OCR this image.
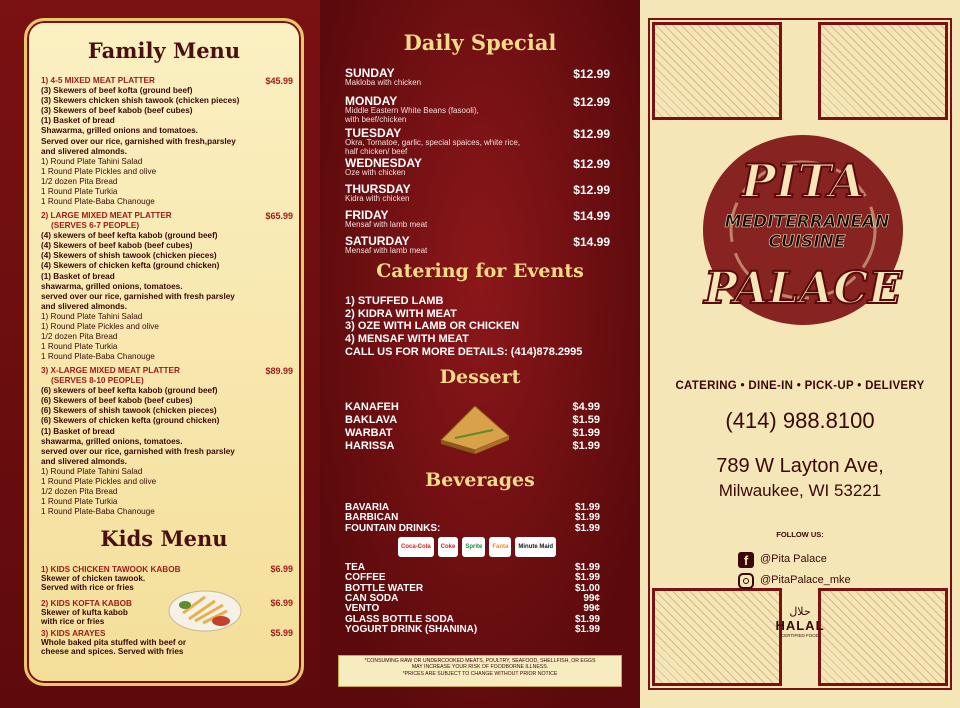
Family Menu
1) 4-5 MIXED MEAT PLATTER	$45.99
(3) Skewers of beef kofta (ground beef)
(3) Skewers chicken shish tawook (chicken pieces)
(3) Skewers of beef kabob (beef cubes)
(1) Basket of bread
Shawarma, grilled onions and tomatoes.
Served over our rice, garnished with fresh,parsley
and slivered almonds.
1) Round Plate Tahini Salad
1 Round Plate Pickles and olive
1/2 dozen Pita Bread
1 Round Plate Turkia
1 Round Plate-Baba Chanouge
2) LARGE MIXED MEAT PLATTER
(SERVES 6-7 PEOPLE)
$65.99
(4) skewers of beef kefta kabob (ground beef)
(4) Skewers of beef kabob (beef cubes)
(4) Skewers of shish tawook (chicken pieces)
(4) Skewers of chicken kefta (ground chicken)
(1) Basket of bread
shawarma, grilled onions, tomatoes.
served over our rice, garnished with fresh parsley
and slivered almonds.
1) Round Plate Tahini Salad
1) Round Plate Pickles and olive
1/2 dozen Pita Bread
1 Round Plate Turkia
1 Round Plate-Baba Chanouge
3) X-LARGE MIXED MEAT PLATTER
(SERVES 8-10 PEOPLE)
$89.99
(6) skewers of beef kefta kabob (ground beef)
(6) Skewers of beef kabob (beef cubes)
(6) Skewers of shish tawook (chicken pieces)
(6) Skewers of chicken kefta (ground chicken)
(1) Basket of bread
shawarma, grilled onions, tomatoes.
served over our rice, garnished with fresh parsley
and slivered almonds.
1) Round Plate Tahini Salad
1 Round Plate Pickles and olive
1/2 dozen Pita Bread
1 Round Plate Turkia
1 Round Plate-Baba Chanouge
Kids Menu
1) KIDS CHICKEN TAWOOK KABOB
Skewer of chicken tawook.
Served with rice or fries
$6.99
2) KIDS KOFTA KABOB
Skewer of kufta kabob
with rice or fries
$6.99
3) KIDS ARAYES
Whole baked pita stuffed with beef or
cheese and spices. Served with fries
$5.99
Daily Special
SUNDAY
Makloba with chicken
$12.99
MONDAY
Middle Eastern White Beans (fasooli),
with beef/chicken
$12.99
TUESDAY
Okra, Tomatoe, garlic, special spaices, white rice,
half chicken/ beef
$12.99
WEDNESDAY
Oze with chicken
$12.99
THURSDAY
Kidra with chicken
$12.99
FRIDAY
Mensaf with lamb meat
$14.99
SATURDAY
Mensaf with lamb meat
$14.99
Catering for Events
1) STUFFED LAMB
2) KIDRA WITH MEAT
3) OZE WITH LAMB OR CHICKEN
4) MENSAF WITH MEAT
CALL US FOR MORE DETAILS: (414)878.2995
Dessert
KANAFEH	$4.99
BAKLAVA	$1.59
WARBAT	$1.99
HARISSA	$1.99
Beverages
BAVARIA	$1.99
BARBICAN	$1.99
FOUNTAIN DRINKS:	$1.99
Coca-Cola Coke Sprite Fanta Minute Maid
TEA	$1.99
COFFEE	$1.99
BOTTLE WATER	$1.00
CAN SODA	99¢
VENTO	99¢
GLASS BOTTLE SODA	$1.99
YOGURT DRINK (SHANINA)	$1.99
*CONSUMING RAW OR UNDERCOOKED MEATS, POULTRY, SEAFOOD, SHELLFISH, OR EGGS
MAY INCREASE YOUR RISK OF FOODBORNE ILLNESS.
*PRICES ARE SUBJECT TO CHANGE WITHOUT PRIOR NOTICE
PITA
MEDITERRANEAN
CUISINE
PALACE
CATERING • DINE-IN • PICK-UP • DELIVERY
(414) 988.8100
789 W Layton Ave,
Milwaukee, WI 53221
FOLLOW US:
f	@Pita Palace
@PitaPalace_mke
حلال
HALAL
CERTIFIED FOOD
